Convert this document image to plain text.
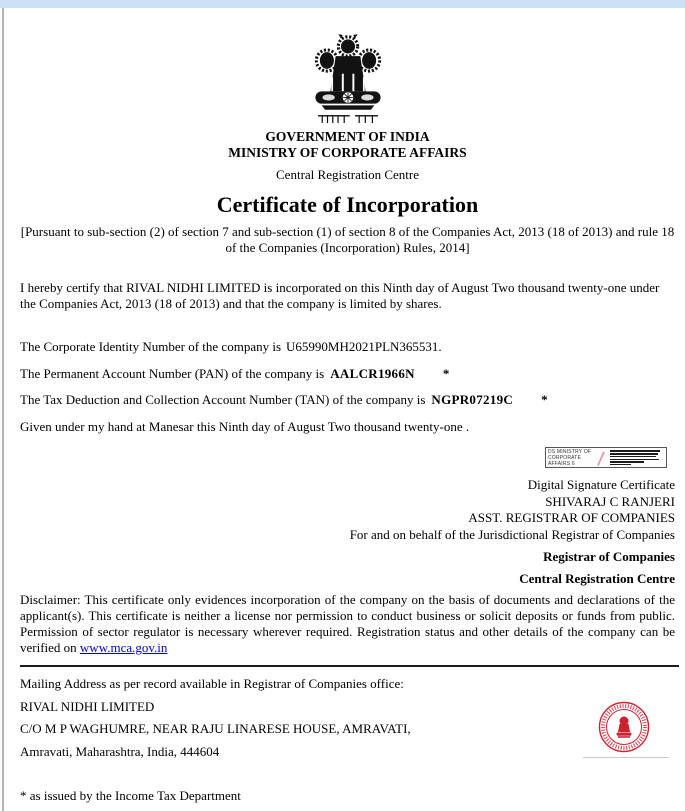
GOVERNMENT OF INDIA
MINISTRY OF CORPORATE AFFAIRS
Central Registration Centre
Certificate of Incorporation
[Pursuant to sub-section (2) of section 7 and sub-section (1) of section 8 of the Companies Act, 2013 (18 of 2013) and rule 18 of the Companies (Incorporation) Rules, 2014]
I hereby certify that RIVAL NIDHI LIMITED is incorporated on this Ninth day of August Two thousand twenty-one under the Companies Act, 2013 (18 of 2013) and that the company is limited by shares.
The Corporate Identity Number of the company is U65990MH2021PLN365531.
The Permanent Account Number (PAN) of the company is AALCR1966N *
The Tax Deduction and Collection Account Number (TAN) of the company is NGPR07219C *
Given under my hand at Manesar this Ninth day of August Two thousand twenty-one .
DS MINISTRY OF
CORPORATE AFFAIRS 6
Digital Signature Certificate
SHIVARAJ C RANJERI
ASST. REGISTRAR OF COMPANIES
For and on behalf of the Jurisdictional Registrar of Companies
Registrar of Companies
Central Registration Centre
Disclaimer: This certificate only evidences incorporation of the company on the basis of documents and declarations of the applicant(s). This certificate is neither a license nor permission to conduct business or solicit deposits or funds from public. Permission of sector regulator is necessary wherever required. Registration status and other details of the company can be verified on www.mca.gov.in
Mailing Address as per record available in Registrar of Companies office:
RIVAL NIDHI LIMITED
C/O M P WAGHUMRE, NEAR RAJU LINARESE HOUSE, AMRAVATI,
Amravati, Maharashtra, India, 444604
* as issued by the Income Tax Department
